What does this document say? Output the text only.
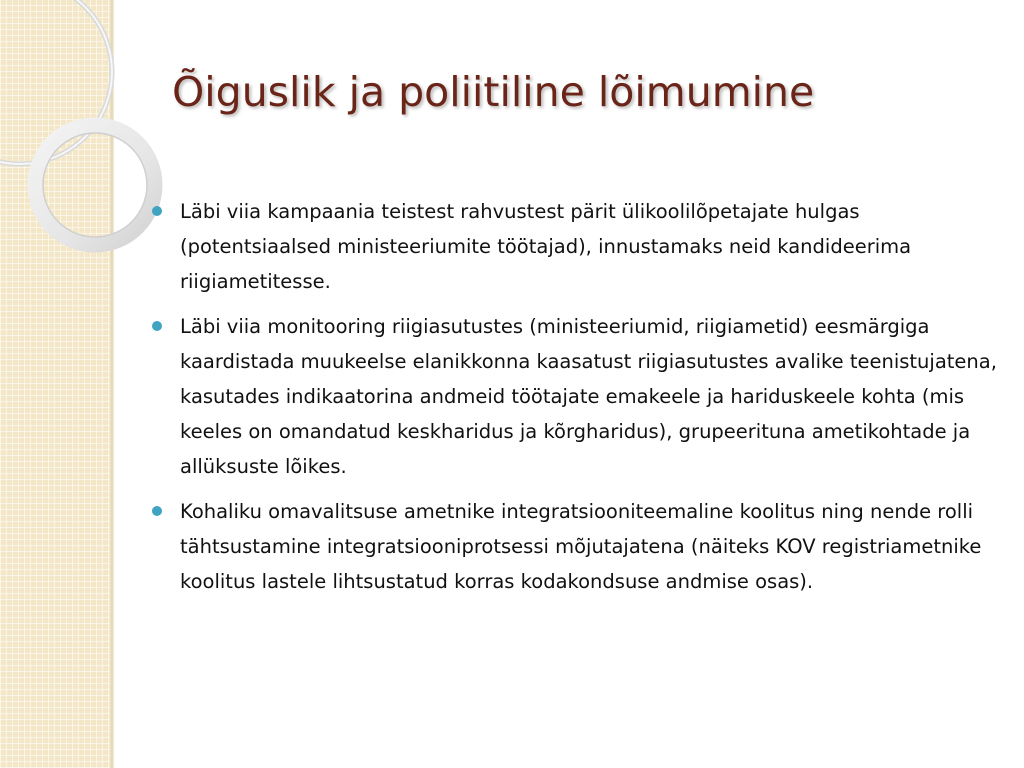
Õiguslik ja poliitiline lõimumine
Läbi viia kampaania teistest rahvustest pärit ülikoolilõpetajate hulgas (potentsiaalsed ministeeriumite töötajad), innustamaks neid kandideerima riigiametitesse.
Läbi viia monitooring riigiasutustes (ministeeriumid, riigiametid) eesmärgiga kaardistada muukeelse elanikkonna kaasatust riigiasutustes avalike teenistujatena, kasutades indikaatorina andmeid töötajate emakeele ja hariduskeele kohta (mis keeles on omandatud keskharidus ja kõrgharidus), grupeerituna ametikohtade ja allüksuste lõikes.
Kohaliku omavalitsuse ametnike integratsiooniteemaline koolitus ning nende rolli tähtsustamine integratsiooniprotsessi mõjutajatena (näiteks KOV registriametnike koolitus lastele lihtsustatud korras kodakondsuse andmise osas).
